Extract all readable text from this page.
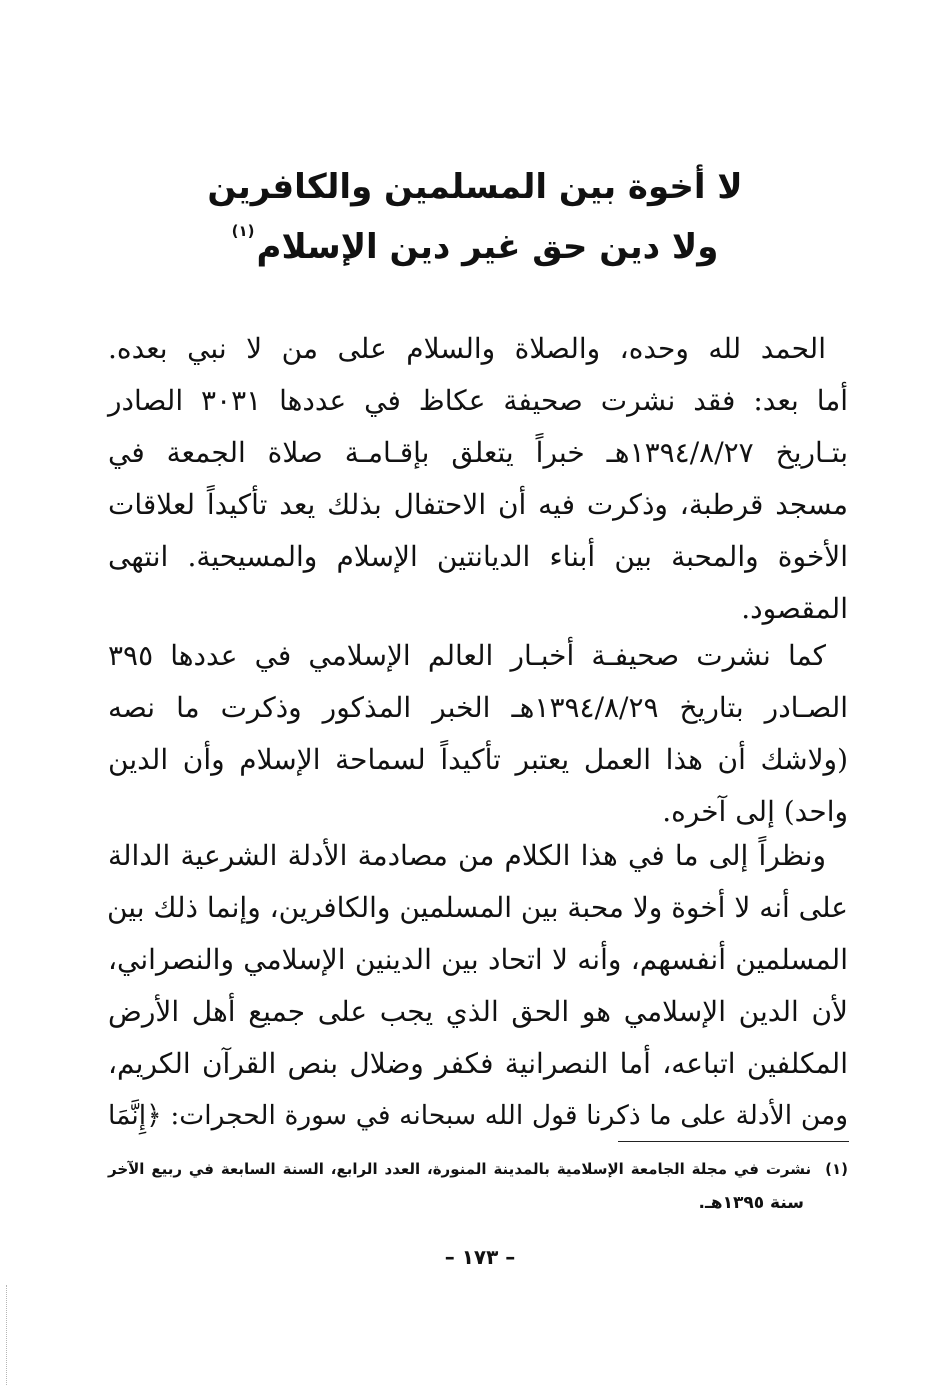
لا أخوة بين المسلمين والكافرين
ولا دين حق غير دين الإسلام$^{(١)}$
الحمد لله وحده، والصلاة والسلام على من لا نبي بعده.
أما بعد: فقد نشرت صحيفة عكاظ في عددها ٣٠٣١ الصادر
بتـاريخ ١٣٩٤/٨/٢٧هـ خبراً يتعلق بإقـامـة صلاة الجمعة في
مسجد قرطبة، وذكرت فيه أن الاحتفال بذلك يعد تأكيداً لعلاقات
الأخوة والمحبة بين أبناء الديانتين الإسلام والمسيحية. انتهى
المقصود.
كما نشرت صحيفـة أخبـار العالم الإسلامي في عددها ٣٩٥
الصـادر بتاريخ ١٣٩٤/٨/٢٩هـ الخبر المذكور وذكرت ما نصه
(ولاشك أن هذا العمل يعتبر تأكيداً لسماحة الإسلام وأن الدين
واحد) إلى آخره.
ونظراً إلى ما في هذا الكلام من مصادمة الأدلة الشرعية الدالة
على أنه لا أخوة ولا محبة بين المسلمين والكافرين، وإنما ذلك بين
المسلمين أنفسهم، وأنه لا اتحاد بين الدينين الإسلامي والنصراني،
لأن الدين الإسلامي هو الحق الذي يجب على جميع أهل الأرض
المكلفين اتباعه، أما النصرانية فكفر وضلال بنص القرآن الكريم،
ومن الأدلة على ما ذكرنا قول الله سبحانه في سورة الحجرات: ﴿إِنَّمَا
(١)نشرت في مجلة الجامعة الإسلامية بالمدينة المنورة، العدد الرابع، السنة السابعة في ربيع الآخر
سنة ١٣٩٥هـ.
– ١٧٣ –
